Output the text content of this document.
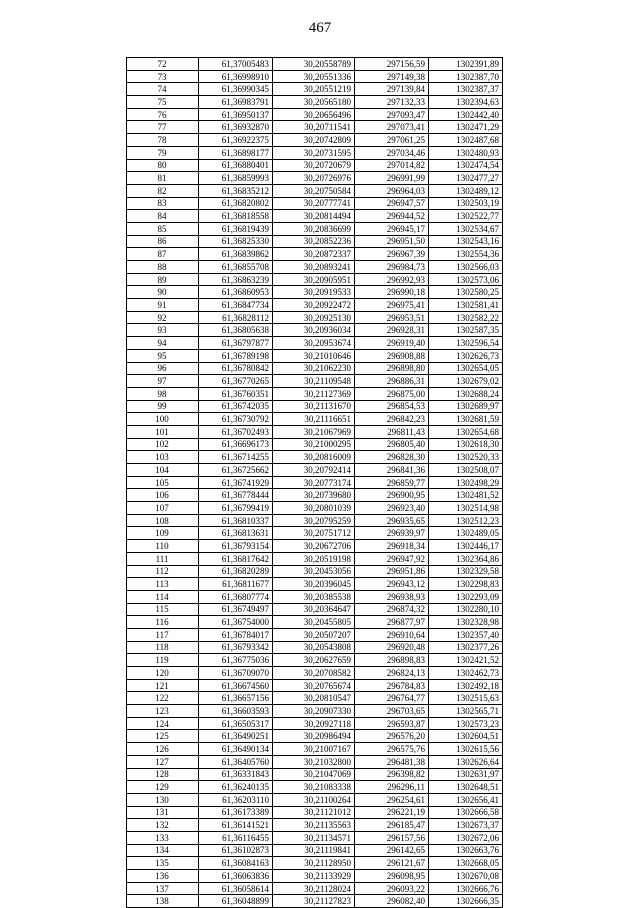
467
72	61,37005483	30,20558789	297156,59	1302391,89
73	61,36998910	30,20551336	297149,38	1302387,70
74	61,36990345	30,20551219	297139,84	1302387,37
75	61,36983791	30,20565180	297132,33	1302394,63
76	61,36950137	30,20656496	297093,47	1302442,40
77	61,36932870	30,20711541	297073,41	1302471,29
78	61,36922375	30,20742809	297061,25	1302487,68
79	61,36898177	30,20731595	297034,46	1302480,93
80	61,36880401	30,20720679	297014,82	1302474,54
81	61,36859993	30,20726976	296991,99	1302477,27
82	61,36835212	30,20750584	296964,03	1302489,12
83	61,36820802	30,20777741	296947,57	1302503,19
84	61,36818558	30,20814494	296944,52	1302522,77
85	61,36819439	30,20836699	296945,17	1302534,67
86	61,36825330	30,20852236	296951,50	1302543,16
87	61,36839862	30,20872337	296967,39	1302554,36
88	61,36855708	30,20893241	296984,73	1302566,03
89	61,36863239	30,20905951	296992,93	1302573,06
90	61,36860953	30,20919533	296990,18	1302580,25
91	61,36847734	30,20922472	296975,41	1302581,41
92	61,36828112	30,20925130	296953,51	1302582,22
93	61,36805638	30,20936034	296928,31	1302587,35
94	61,36797877	30,20953674	296919,40	1302596,54
95	61,36789198	30,21010646	296908,88	1302626,73
96	61,36780842	30,21062230	296898,80	1302654,05
97	61,36770265	30,21109548	296886,31	1302679,02
98	61,36760351	30,21127369	296875,00	1302688,24
99	61,36742035	30,21131670	296854,53	1302689,97
100	61,36730792	30,21116651	296842,23	1302681,59
101	61,36702493	30,21067969	296811,43	1302654,68
102	61,36696173	30,21000295	296805,40	1302618,30
103	61,36714255	30,20816009	296828,30	1302520,33
104	61,36725662	30,20792414	296841,36	1302508,07
105	61,36741929	30,20773174	296859,77	1302498,29
106	61,36778444	30,20739680	296900,95	1302481,52
107	61,36799419	30,20801039	296923,40	1302514,98
108	61,36810337	30,20795259	296935,65	1302512,23
109	61,36813631	30,20751712	296939,97	1302489,05
110	61,36793154	30,20672706	296918,34	1302446,17
111	61,36817642	30,20519198	296947,92	1302364,86
112	61,36820289	30,20453056	296951,86	1302329,58
113	61,36811677	30,20396045	296943,12	1302298,83
114	61,36807774	30,20385538	296938,93	1302293,09
115	61,36749497	30,20364647	296874,32	1302280,10
116	61,36754000	30,20455805	296877,97	1302328,98
117	61,36784017	30,20507207	296910,64	1302357,40
118	61,36793342	30,20543808	296920,48	1302377,26
119	61,36775036	30,20627659	296898,83	1302421,52
120	61,36709070	30,20708582	296824,13	1302462,73
121	61,36674560	30,20765674	296784,83	1302492,18
122	61,36657156	30,20810547	296764,77	1302515,63
123	61,36603593	30,20907330	296703,65	1302565,71
124	61,36505317	30,20927118	296593,87	1302573,23
125	61,36490251	30,20986494	296576,20	1302604,51
126	61,36490134	30,21007167	296575,76	1302615,56
127	61,36405760	30,21032800	296481,38	1302626,64
128	61,36331843	30,21047069	296398,82	1302631,97
129	61,36240135	30,21083338	296296,11	1302648,51
130	61,36203110	30,21100264	296254,61	1302656,41
131	61,36173389	30,21121012	296221,19	1302666,58
132	61,36141521	30,21135563	296185,47	1302673,37
133	61,36116455	30,21134571	296157,56	1302672,06
134	61,36102873	30,21119841	296142,65	1302663,76
135	61,36084163	30,21128950	296121,67	1302668,05
136	61,36063836	30,21133929	296098,95	1302670,08
137	61,36058614	30,21128024	296093,22	1302666,76
138	61,36048899	30,21127823	296082,40	1302666,35
